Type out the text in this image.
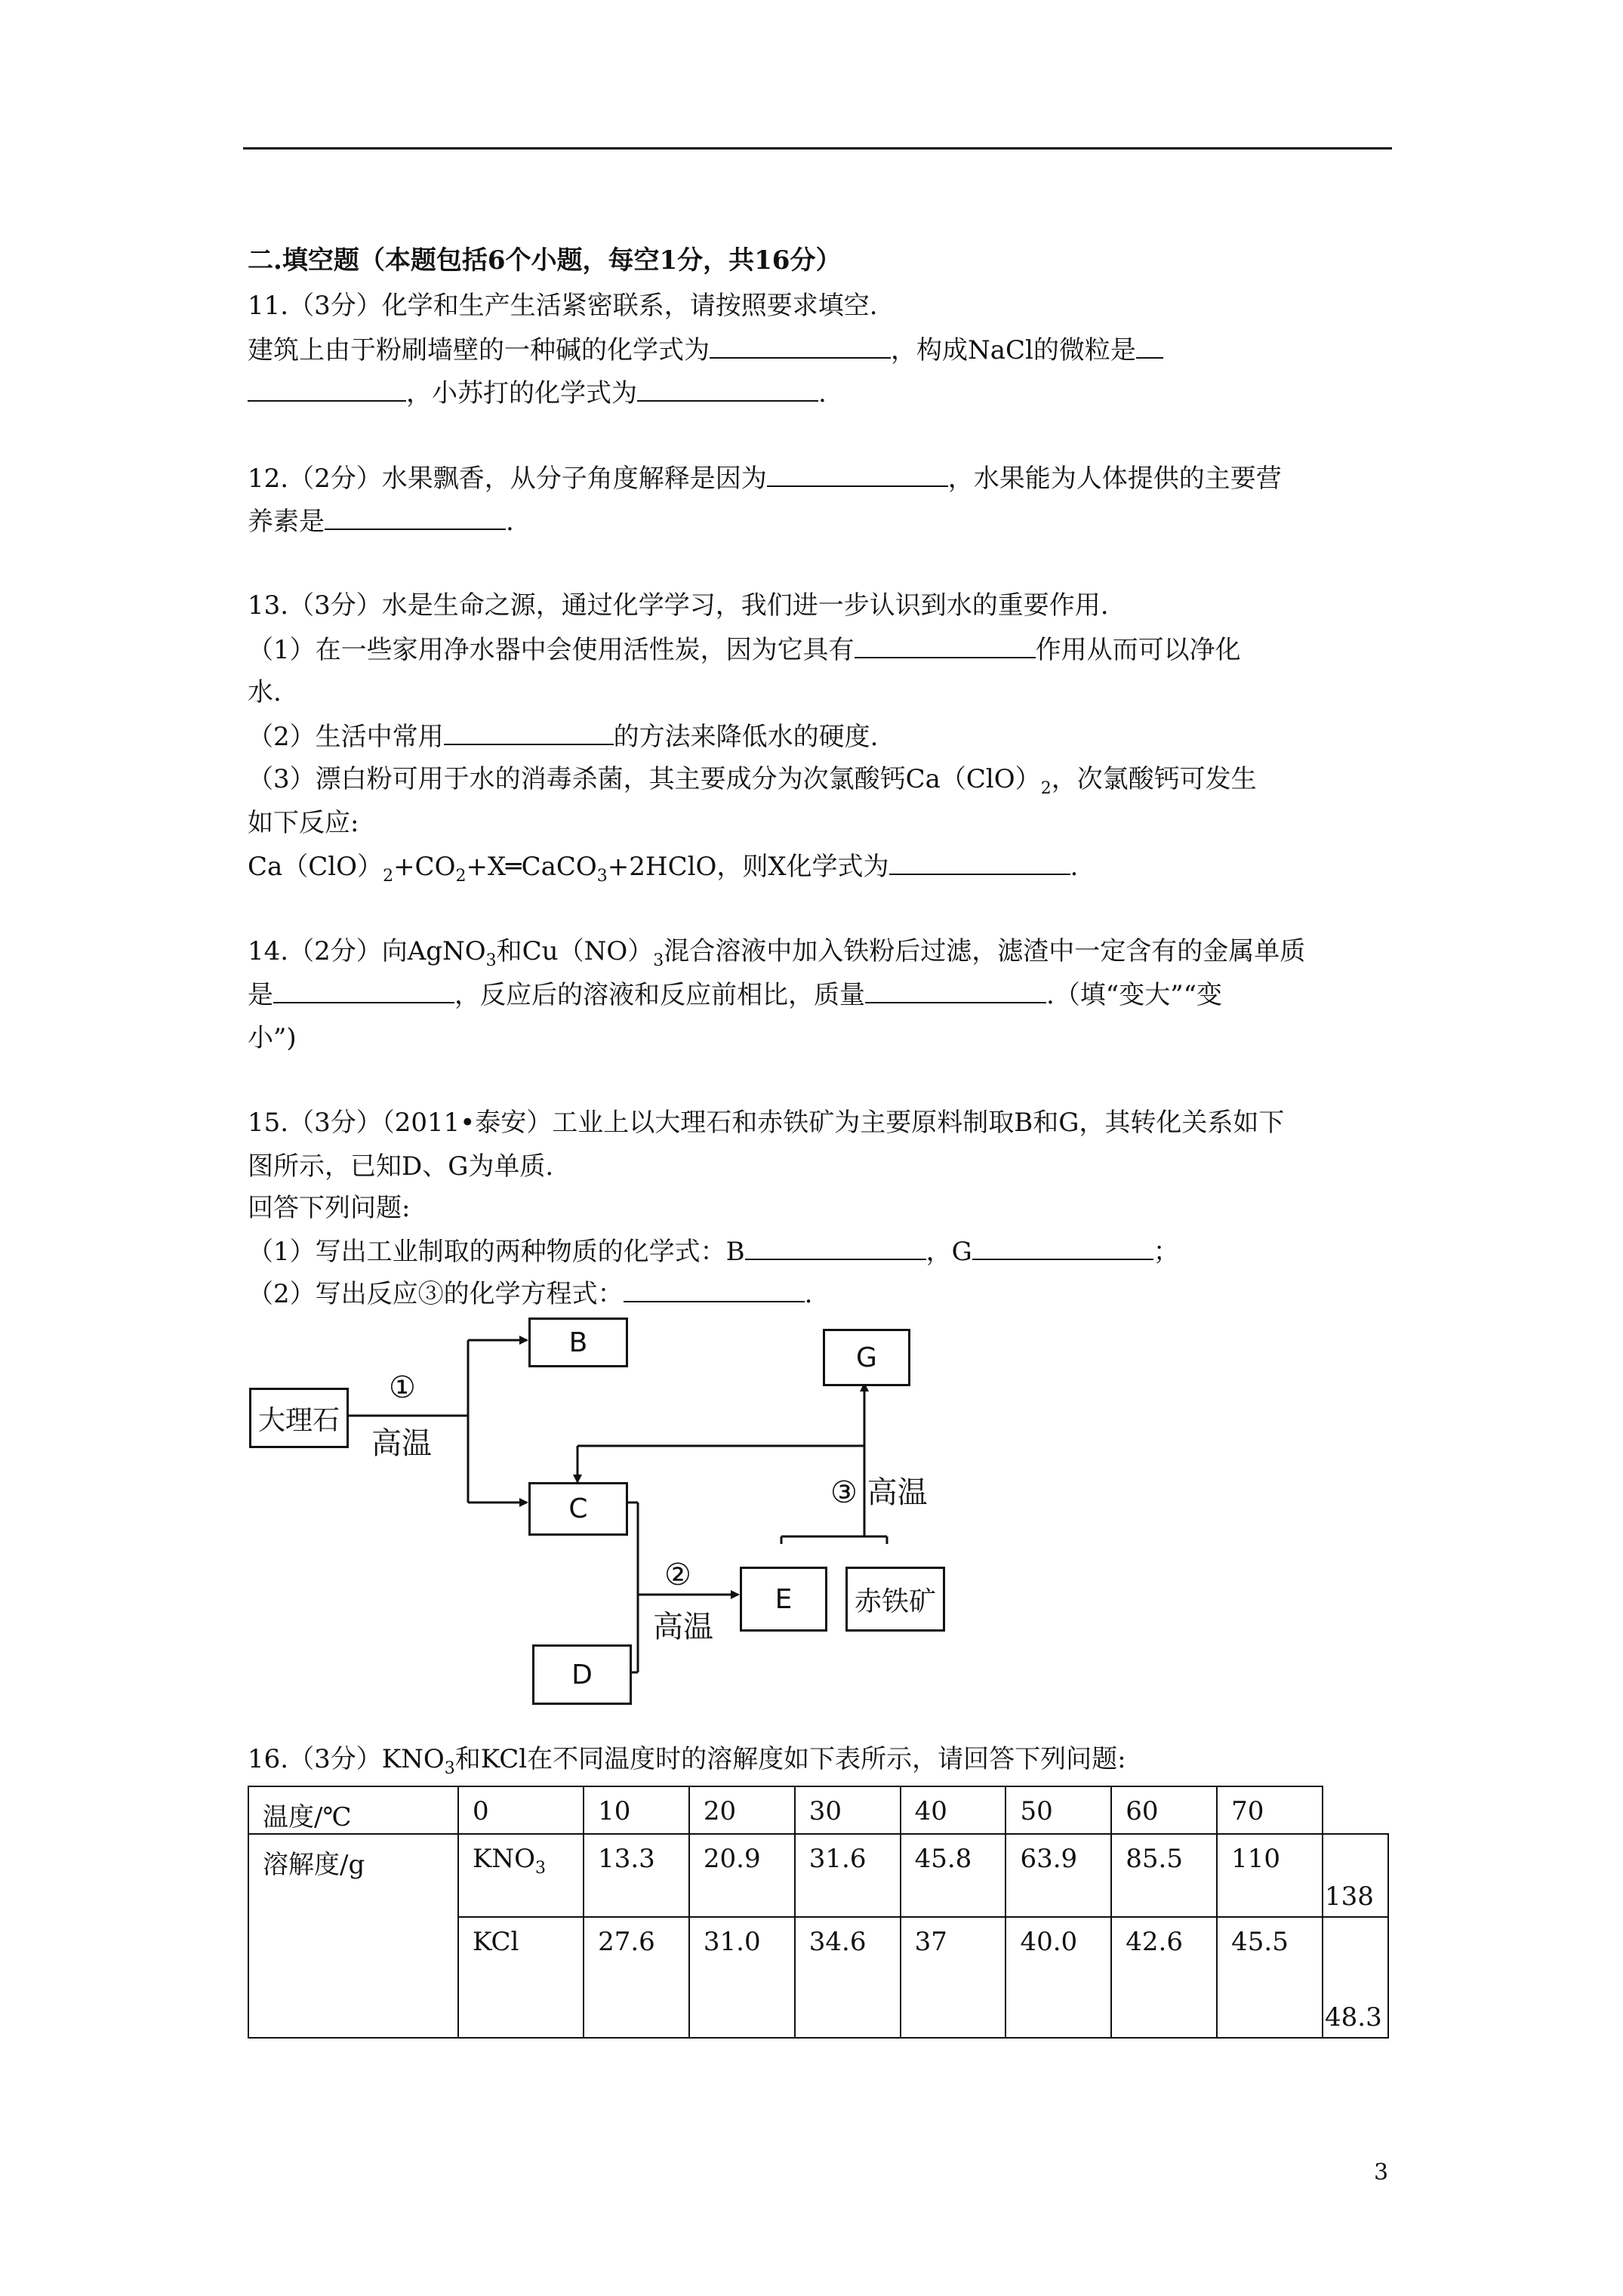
二.填空题（本题包括6个小题，每空1分，共16分）
11.（3分）化学和生产生活紧密联系，请按照要求填空.
建筑上由于粉刷墙壁的一种碱的化学式为	，构成NaCl的微粒是
，小苏打的化学式为	.
12.（2分）水果飘香，从分子角度解释是因为	，水果能为人体提供的主要营
养素是	.
13.（3分）水是生命之源，通过化学学习，我们进一步认识到水的重要作用.
（1）在一些家用净水器中会使用活性炭，因为它具有	作用从而可以净化
水.
（2）生活中常用	的方法来降低水的硬度.
（3）漂白粉可用于水的消毒杀菌，其主要成分为次氯酸钙$Ca(ClO)_2$，次氯酸钙可发生
如下反应:
$Ca(ClO)_2+CO_2+X═CaCO_3+2HClO$，则X化学式为	.
14.（2分）向AgNO$_3$和$Cu(NO)_3$混合溶液中加入铁粉后过滤，滤渣中一定含有的金属单质
是	，反应后的溶液和反应前相比，质量	.（填“变大”“变
小”)
15.（3分）（2011•泰安）工业上以大理石和赤铁矿为主要原料制取B和G，其转化关系如下
图所示，已知D、G为单质.
回答下列问题:
（1）写出工业制取的两种物质的化学式：B	，G	；
（2）写出反应③的化学方程式：	.
大理石
B	G
C
E	赤铁矿
D
①
高温
②
高温
③ 高温
16.（3分）$KNO_3$和KCl在不同温度时的溶解度如下表所示，请回答下列问题:
温度/℃	0	10	20	30	40	50	60	70	
溶解度/g	$KNO_3$	13.3	20.9	31.6	45.8	63.9	85.5	110	138
	KCl	27.6	31.0	34.6	37	40.0	42.6	45.5	48.3
3
